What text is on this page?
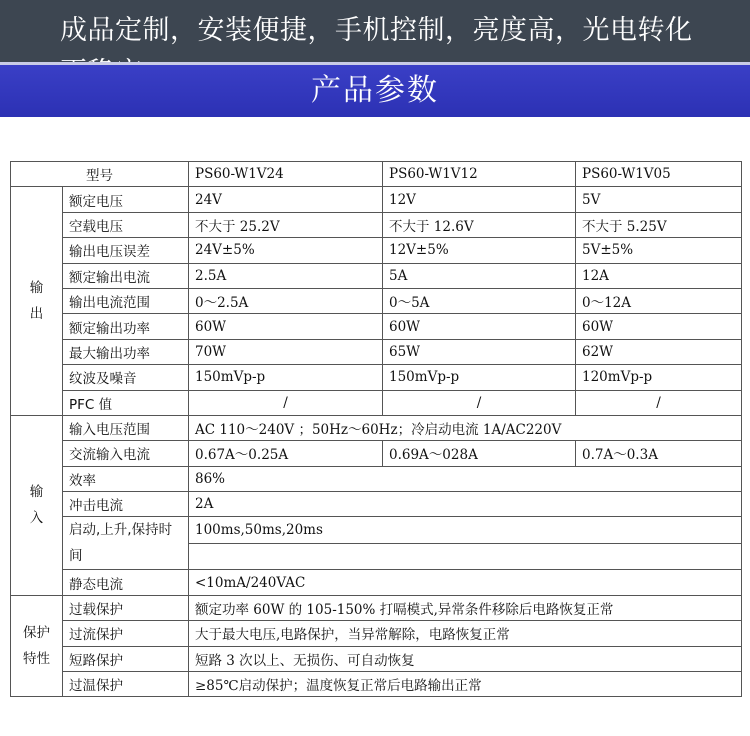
成品定制，安装便捷，手机控制，亮度高，光电转化
产品参数
型号		PS60-W1V24	PS60-W1V12	PS60-W1V05
输
出	额定电压	24V	12V	5V
	空载电压	不大于 25.2V	不大于 12.6V	不大于 5.25V
	输出电压误差	24V±5%	12V±5%	5V±5%
	额定输出电流	2.5A	5A	12A
	输出电流范围	0～2.5A	0～5A	0～12A
	额定输出功率	60W	60W	60W
	最大输出功率	70W	65W	62W
	纹波及噪音	150mVp-p	150mVp-p	120mVp-p
	PFC 值	/	/	/
输
入	输入电压范围	AC 110～240V ；50Hz～60Hz；冷启动电流 1A/AC220V		
	交流输入电流	0.67A～0.25A	0.69A～028A	0.7A～0.3A
	效率	86%		
	冲击电流	2A		
	启动,上升,保持时间	100ms,50ms,20ms		

	静态电流	<10mA/240VAC		
保护
特性	过载保护	额定功率 60W 的 105-150% 打嗝模式,异常条件移除后电路恢复正常		
	过流保护	大于最大电压,电路保护，当异常解除，电路恢复正常		
	短路保护	短路 3 次以上、无损伤、可自动恢复		
	过温保护	≥85℃启动保护；温度恢复正常后电路输出正常		
